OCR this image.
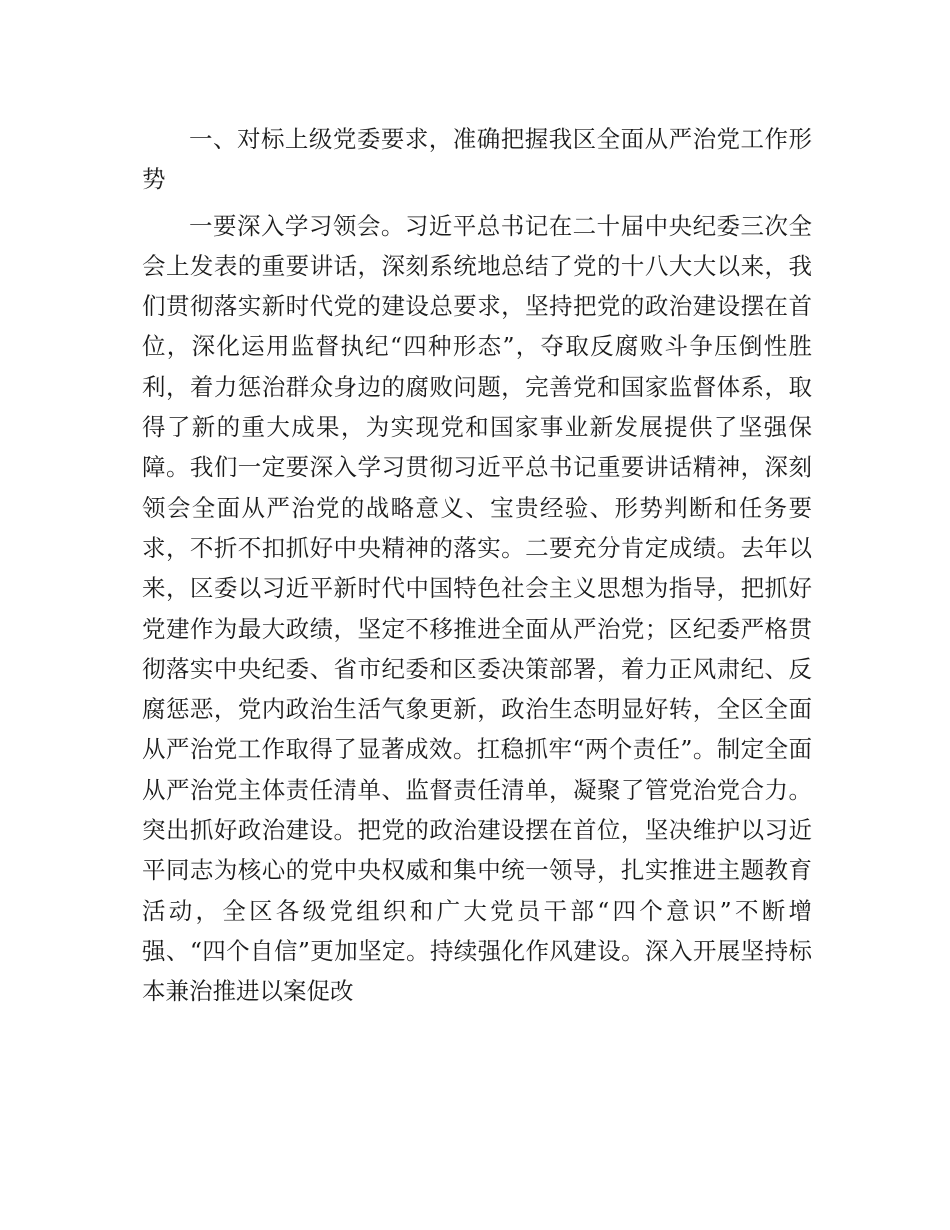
一、对标上级党委要求，准确把握我区全面从严治党工作形势

一要深入学习领会。习近平总书记在二十届中央纪委三次全会上发表的重要讲话，深刻系统地总结了党的十八大大以来，我们贯彻落实新时代党的建设总要求，坚持把党的政治建设摆在首位，深化运用监督执纪“四种形态”，夺取反腐败斗争压倒性胜利，着力惩治群众身边的腐败问题，完善党和国家监督体系，取得了新的重大成果，为实现党和国家事业新发展提供了坚强保障。我们一定要深入学习贯彻习近平总书记重要讲话精神，深刻领会全面从严治党的战略意义、宝贵经验、形势判断和任务要求，不折不扣抓好中央精神的落实。二要充分肯定成绩。去年以来，区委以习近平新时代中国特色社会主义思想为指导，把抓好党建作为最大政绩，坚定不移推进全面从严治党；区纪委严格贯彻落实中央纪委、省市纪委和区委决策部署，着力正风肃纪、反腐惩恶，党内政治生活气象更新，政治生态明显好转，全区全面从严治党工作取得了显著成效。扛稳抓牢“两个责任”。制定全面从严治党主体责任清单、监督责任清单，凝聚了管党治党合力。突出抓好政治建设。把党的政治建设摆在首位，坚决维护以习近平同志为核心的党中央权威和集中统一领导，扎实推进主题教育活动，全区各级党组织和广大党员干部“四个意识”不断增强、“四个自信”更加坚定。持续强化作风建设。深入开展坚持标本兼治推进以案促改
